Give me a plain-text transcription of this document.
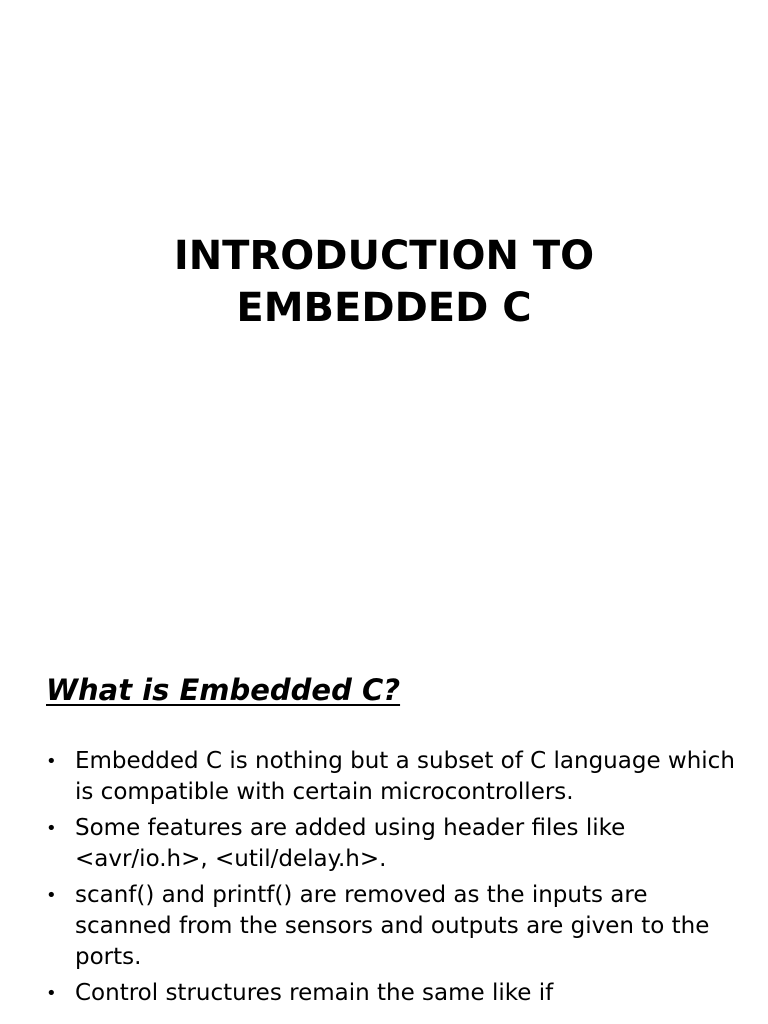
INTRODUCTION TO
EMBEDDED C
What is Embedded C?
• Embedded C is nothing but a subset of C language which is compatible with certain microcontrollers.
• Some features are added using header files like <avr/io.h>, <util/delay.h>.
• scanf() and printf() are removed as the inputs are scanned from the sensors and outputs are given to the ports.
• Control structures remain the same like if
